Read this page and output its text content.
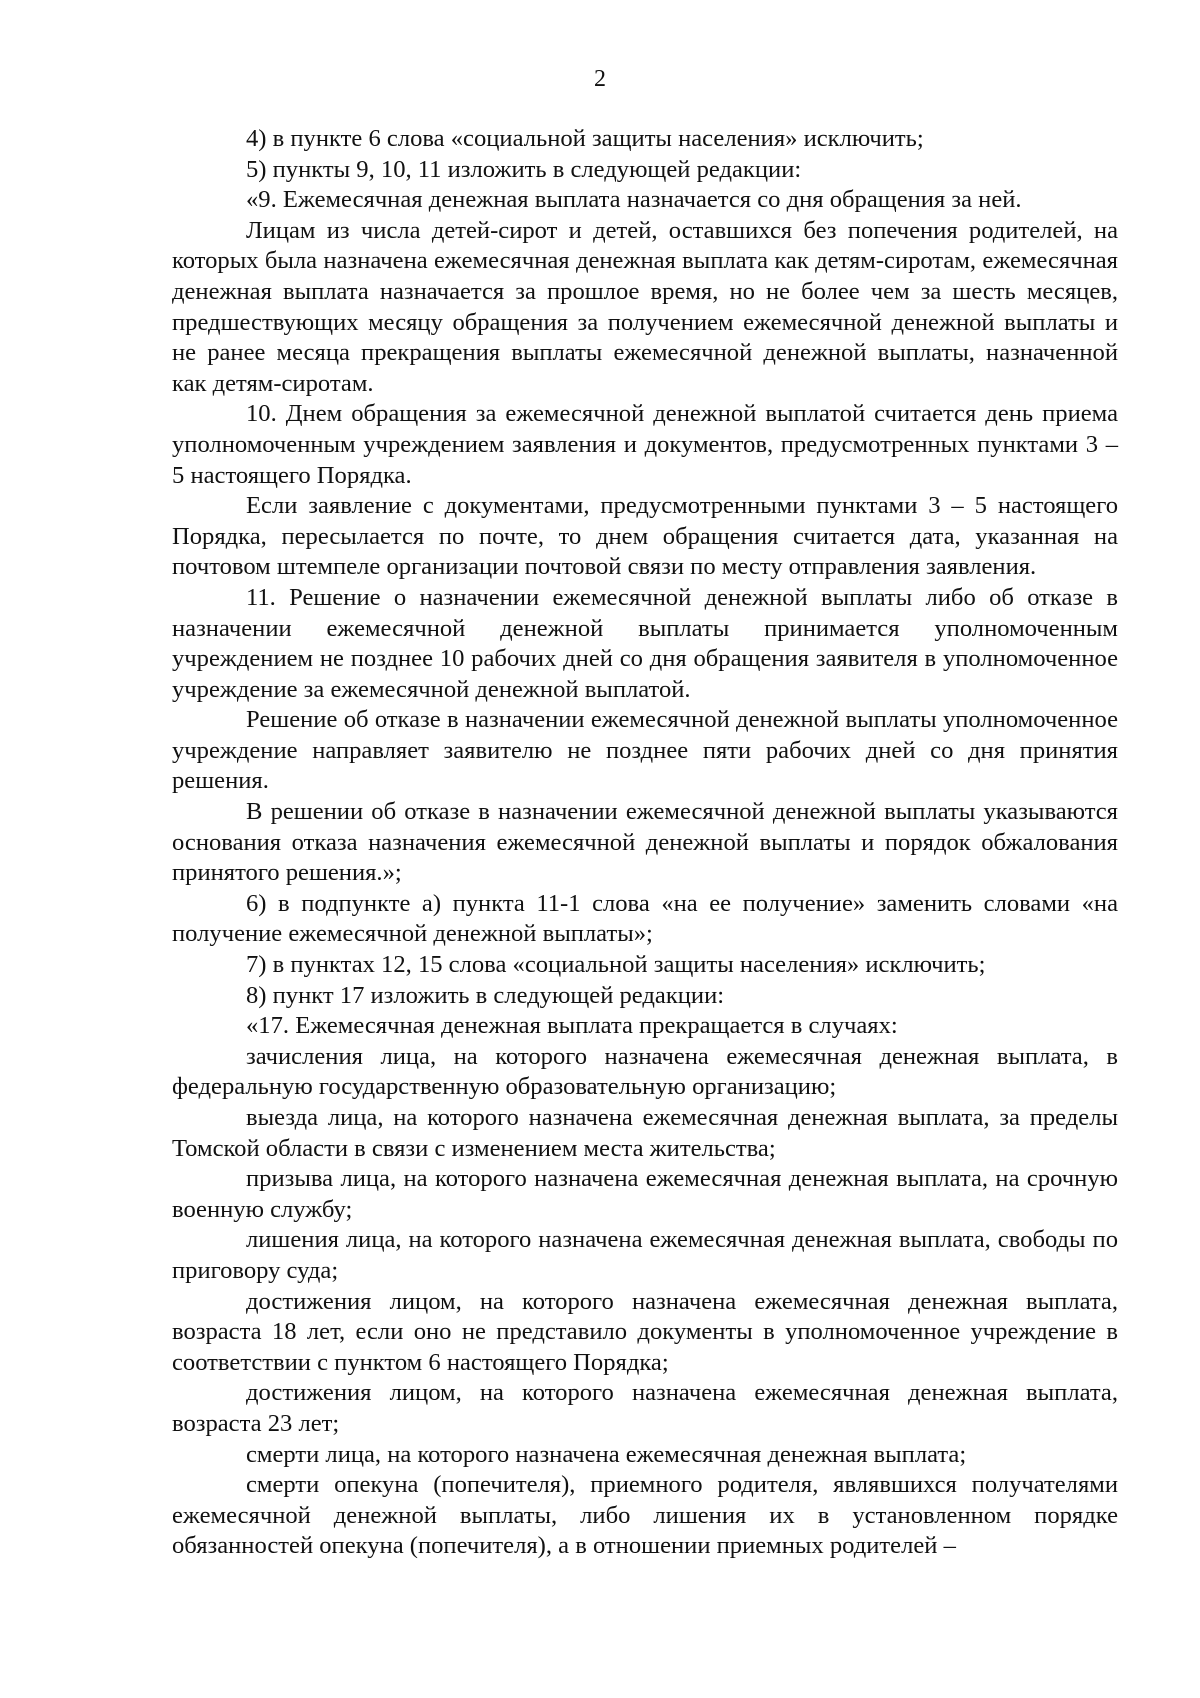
2

4) в пункте 6 слова «социальной защиты населения» исключить;

5) пункты 9, 10, 11 изложить в следующей редакции:

«9. Ежемесячная денежная выплата назначается со дня обращения за ней.

Лицам из числа детей-сирот и детей, оставшихся без попечения родителей, на которых была назначена ежемесячная денежная выплата как детям-сиротам, ежемесячная денежная выплата назначается за прошлое время, но не более чем за шесть месяцев, предшествующих месяцу обращения за получением ежемесячной денежной выплаты и не ранее месяца прекращения выплаты ежемесячной денежной выплаты, назначенной как детям-сиротам.

10. Днем обращения за ежемесячной денежной выплатой считается день приема уполномоченным учреждением заявления и документов, предусмотренных пунктами 3 – 5 настоящего Порядка.

Если заявление с документами, предусмотренными пунктами 3 – 5 настоящего Порядка, пересылается по почте, то днем обращения считается дата, указанная на почтовом штемпеле организации почтовой связи по месту отправления заявления.

11. Решение о назначении ежемесячной денежной выплаты либо об отказе в назначении ежемесячной денежной выплаты принимается уполномоченным учреждением не позднее 10 рабочих дней со дня обращения заявителя в уполномоченное учреждение за ежемесячной денежной выплатой.

Решение об отказе в назначении ежемесячной денежной выплаты уполномоченное учреждение направляет заявителю не позднее пяти рабочих дней со дня принятия решения.

В решении об отказе в назначении ежемесячной денежной выплаты указываются основания отказа назначения ежемесячной денежной выплаты и порядок обжалования принятого решения.»;

6) в подпункте а) пункта 11-1 слова «на ее получение» заменить словами «на получение ежемесячной денежной выплаты»;

7) в пунктах 12, 15 слова «социальной защиты населения» исключить;

8) пункт 17 изложить в следующей редакции:

«17. Ежемесячная денежная выплата прекращается в случаях:

зачисления лица, на которого назначена ежемесячная денежная выплата, в федеральную государственную образовательную организацию;

выезда лица, на которого назначена ежемесячная денежная выплата, за пределы Томской области в связи с изменением места жительства;

призыва лица, на которого назначена ежемесячная денежная выплата, на срочную военную службу;

лишения лица, на которого назначена ежемесячная денежная выплата, свободы по приговору суда;

достижения лицом, на которого назначена ежемесячная денежная выплата, возраста 18 лет, если оно не представило документы в уполномоченное учреждение в соответствии с пунктом 6 настоящего Порядка;

достижения лицом, на которого назначена ежемесячная денежная выплата, возраста 23 лет;

смерти лица, на которого назначена ежемесячная денежная выплата;

смерти опекуна (попечителя), приемного родителя, являвшихся получателями ежемесячной денежной выплаты, либо лишения их в установленном порядке обязанностей опекуна (попечителя), а в отношении приемных родителей –
